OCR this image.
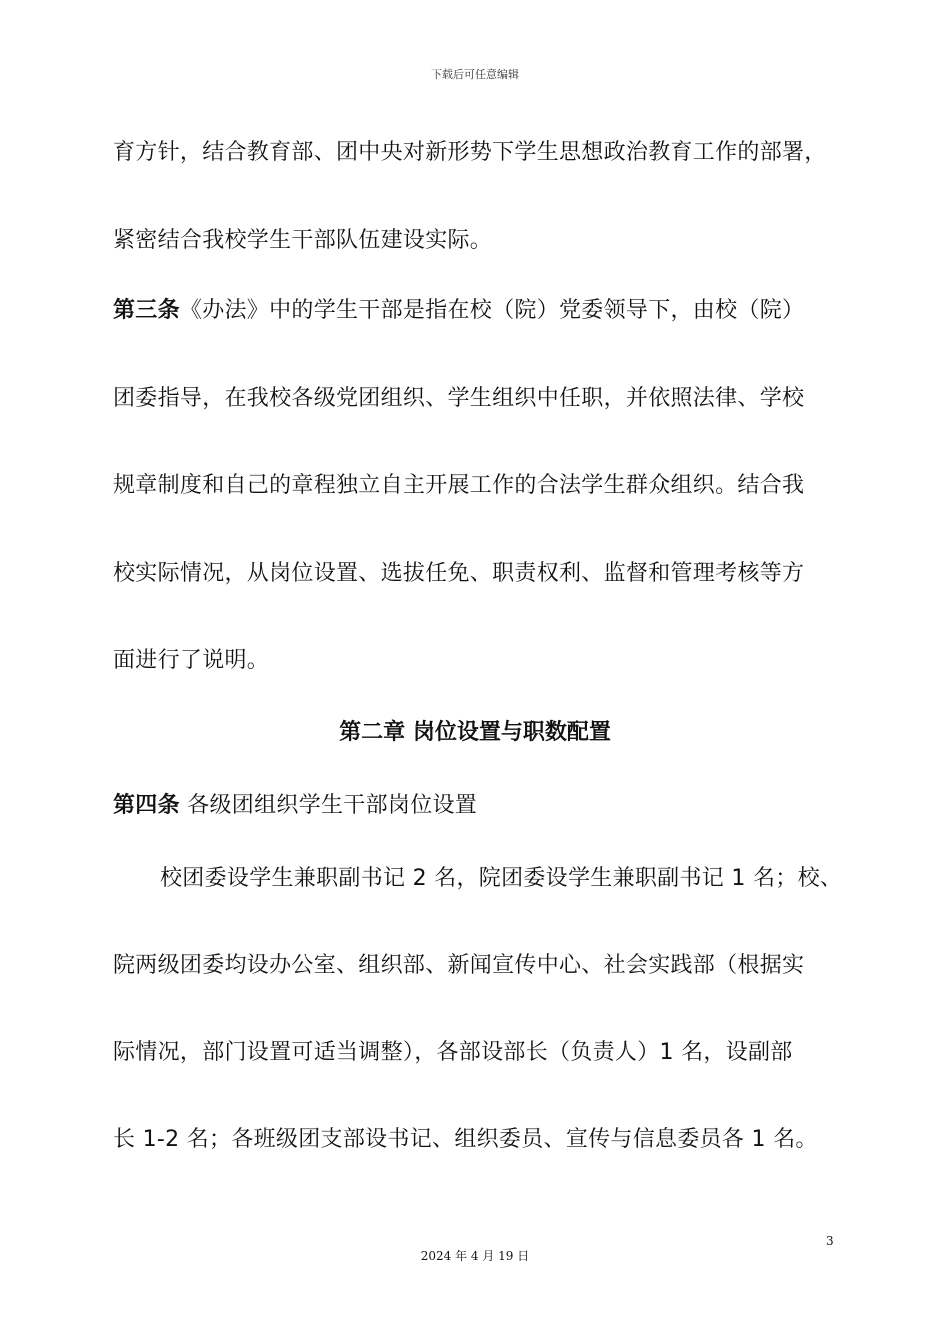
下载后可任意编辑
育方针，结合教育部、团中央对新形势下学生思想政治教育工作的部署，
紧密结合我校学生干部队伍建设实际。
第三条《办法》中的学生干部是指在校（院）党委领导下，由校（院）
团委指导，在我校各级党团组织、学生组织中任职，并依照法律、学校
规章制度和自己的章程独立自主开展工作的合法学生群众组织。结合我
校实际情况，从岗位设置、选拔任免、职责权利、监督和管理考核等方
面进行了说明。
第二章 岗位设置与职数配置
第四条 各级团组织学生干部岗位设置
校团委设学生兼职副书记 2 名，院团委设学生兼职副书记 1 名；校、
院两级团委均设办公室、组织部、新闻宣传中心、社会实践部（根据实
际情况，部门设置可适当调整），各部设部长（负责人）1 名，设副部
长 1-2 名；各班级团支部设书记、组织委员、宣传与信息委员各 1 名。
3
2024 年 4 月 19 日
